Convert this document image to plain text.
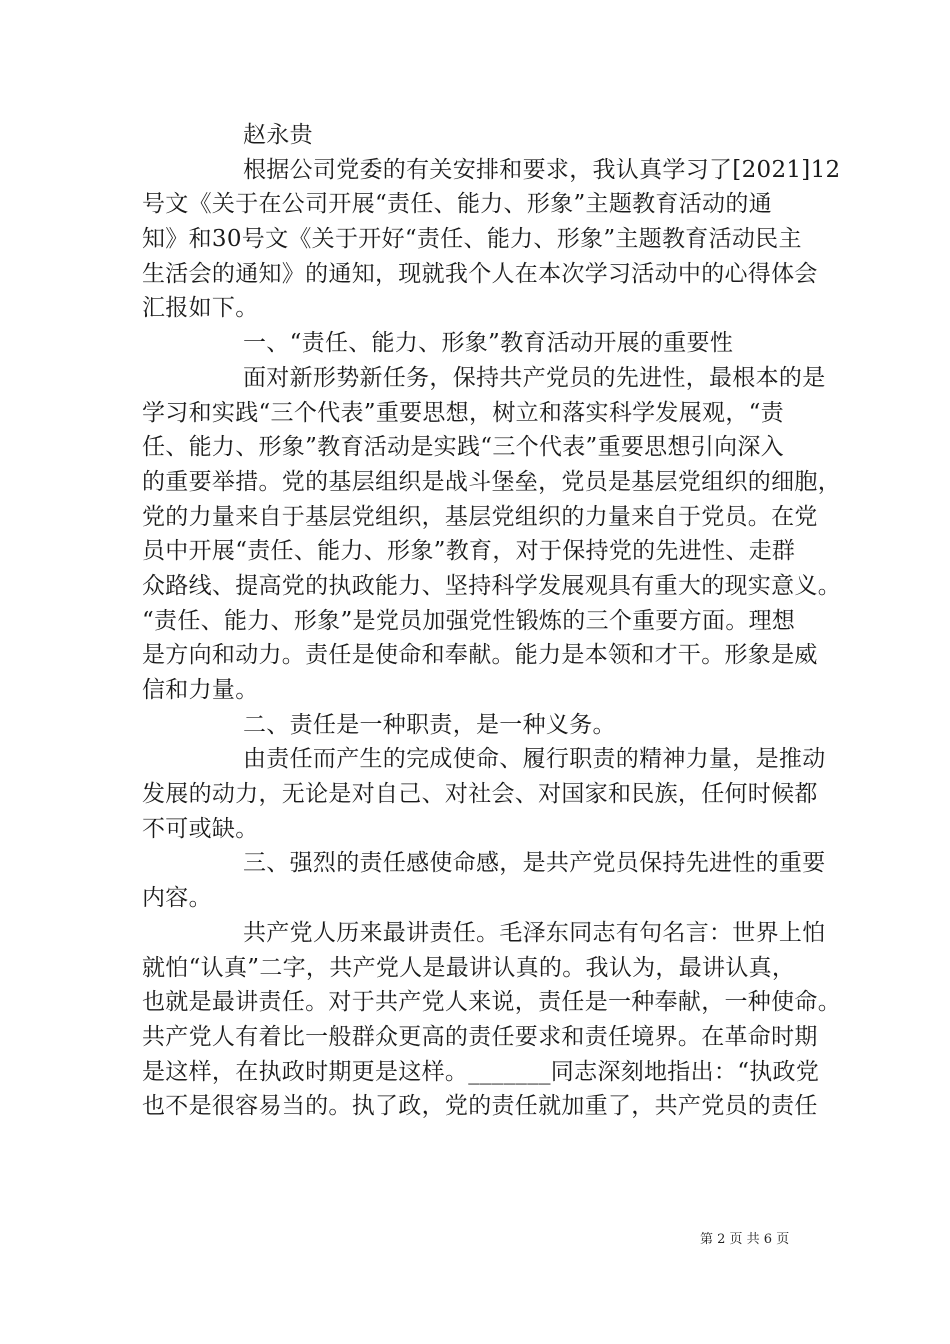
赵永贵
根据公司党委的有关安排和要求，我认真学习了[2021]12
号文《关于在公司开展“责任、能力、形象”主题教育活动的通
知》和30号文《关于开好“责任、能力、形象”主题教育活动民主
生活会的通知》的通知，现就我个人在本次学习活动中的心得体会
汇报如下。
一、“责任、能力、形象”教育活动开展的重要性
面对新形势新任务，保持共产党员的先进性，最根本的是
学习和实践“三个代表”重要思想，树立和落实科学发展观，“责
任、能力、形象”教育活动是实践“三个代表”重要思想引向深入
的重要举措。党的基层组织是战斗堡垒，党员是基层党组织的细胞，
党的力量来自于基层党组织，基层党组织的力量来自于党员。在党
员中开展“责任、能力、形象”教育，对于保持党的先进性、走群
众路线、提高党的执政能力、坚持科学发展观具有重大的现实意义。
“责任、能力、形象”是党员加强党性锻炼的三个重要方面。理想
是方向和动力。责任是使命和奉献。能力是本领和才干。形象是威
信和力量。
二、责任是一种职责，是一种义务。
由责任而产生的完成使命、履行职责的精神力量，是推动
发展的动力，无论是对自己、对社会、对国家和民族，任何时候都
不可或缺。
三、强烈的责任感使命感，是共产党员保持先进性的重要
内容。
共产党人历来最讲责任。毛泽东同志有句名言：世界上怕
就怕“认真”二字，共产党人是最讲认真的。我认为，最讲认真，
也就是最讲责任。对于共产党人来说，责任是一种奉献，一种使命。
共产党人有着比一般群众更高的责任要求和责任境界。在革命时期
是这样，在执政时期更是这样。_______同志深刻地指出：“执政党
也不是很容易当的。执了政，党的责任就加重了，共产党员的责任
第 2 页 共 6 页
